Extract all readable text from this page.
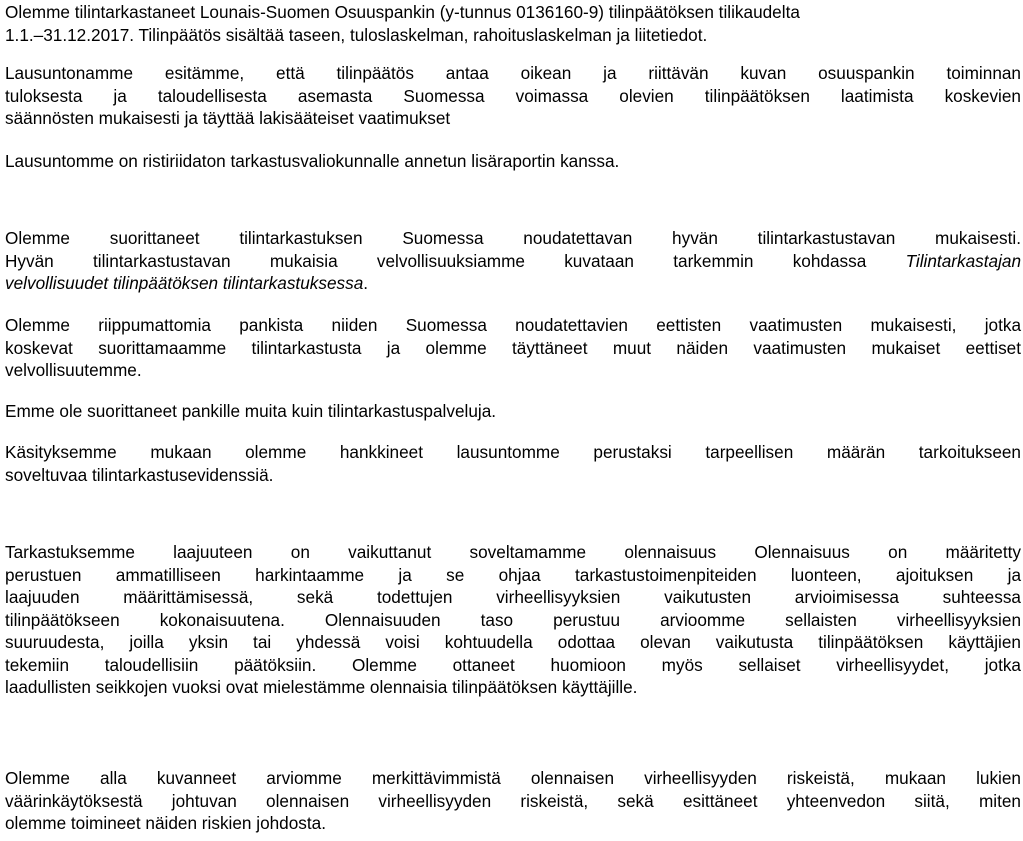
Olemme tilintarkastaneet Lounais-Suomen Osuuspankin (y-tunnus 0136160-9) tilinpäätöksen tilikaudelta
1.1.–31.12.2017. Tilinpäätös sisältää taseen, tuloslaskelman, rahoituslaskelman ja liitetiedot.
Lausuntonamme esitämme, että tilinpäätös antaa oikean ja riittävän kuvan osuuspankin toiminnan
tuloksesta ja taloudellisesta asemasta Suomessa voimassa olevien tilinpäätöksen laatimista koskevien
säännösten mukaisesti ja täyttää lakisääteiset vaatimukset
Lausuntomme on ristiriidaton tarkastusvaliokunnalle annetun lisäraportin kanssa.
Olemme suorittaneet tilintarkastuksen Suomessa noudatettavan hyvän tilintarkastustavan mukaisesti.
Hyvän tilintarkastustavan mukaisia velvollisuuksiamme kuvataan tarkemmin kohdassa Tilintarkastajan
velvollisuudet tilinpäätöksen tilintarkastuksessa.
Olemme riippumattomia pankista niiden Suomessa noudatettavien eettisten vaatimusten mukaisesti, jotka
koskevat suorittamaamme tilintarkastusta ja olemme täyttäneet muut näiden vaatimusten mukaiset eettiset
velvollisuutemme.
Emme ole suorittaneet pankille muita kuin tilintarkastuspalveluja.
Käsityksemme mukaan olemme hankkineet lausuntomme perustaksi tarpeellisen määrän tarkoitukseen
soveltuvaa tilintarkastusevidenssiä.
Tarkastuksemme laajuuteen on vaikuttanut soveltamamme olennaisuus Olennaisuus on määritetty
perustuen ammatilliseen harkintaamme ja se ohjaa tarkastustoimenpiteiden luonteen, ajoituksen ja
laajuuden määrittämisessä, sekä todettujen virheellisyyksien vaikutusten arvioimisessa suhteessa
tilinpäätökseen kokonaisuutena. Olennaisuuden taso perustuu arvioomme sellaisten virheellisyyksien
suuruudesta, joilla yksin tai yhdessä voisi kohtuudella odottaa olevan vaikutusta tilinpäätöksen käyttäjien
tekemiin taloudellisiin päätöksiin. Olemme ottaneet huomioon myös sellaiset virheellisyydet, jotka
laadullisten seikkojen vuoksi ovat mielestämme olennaisia tilinpäätöksen käyttäjille.
Olemme alla kuvanneet arviomme merkittävimmistä olennaisen virheellisyyden riskeistä, mukaan lukien
väärinkäytöksestä johtuvan olennaisen virheellisyyden riskeistä, sekä esittäneet yhteenvedon siitä, miten
olemme toimineet näiden riskien johdosta.
